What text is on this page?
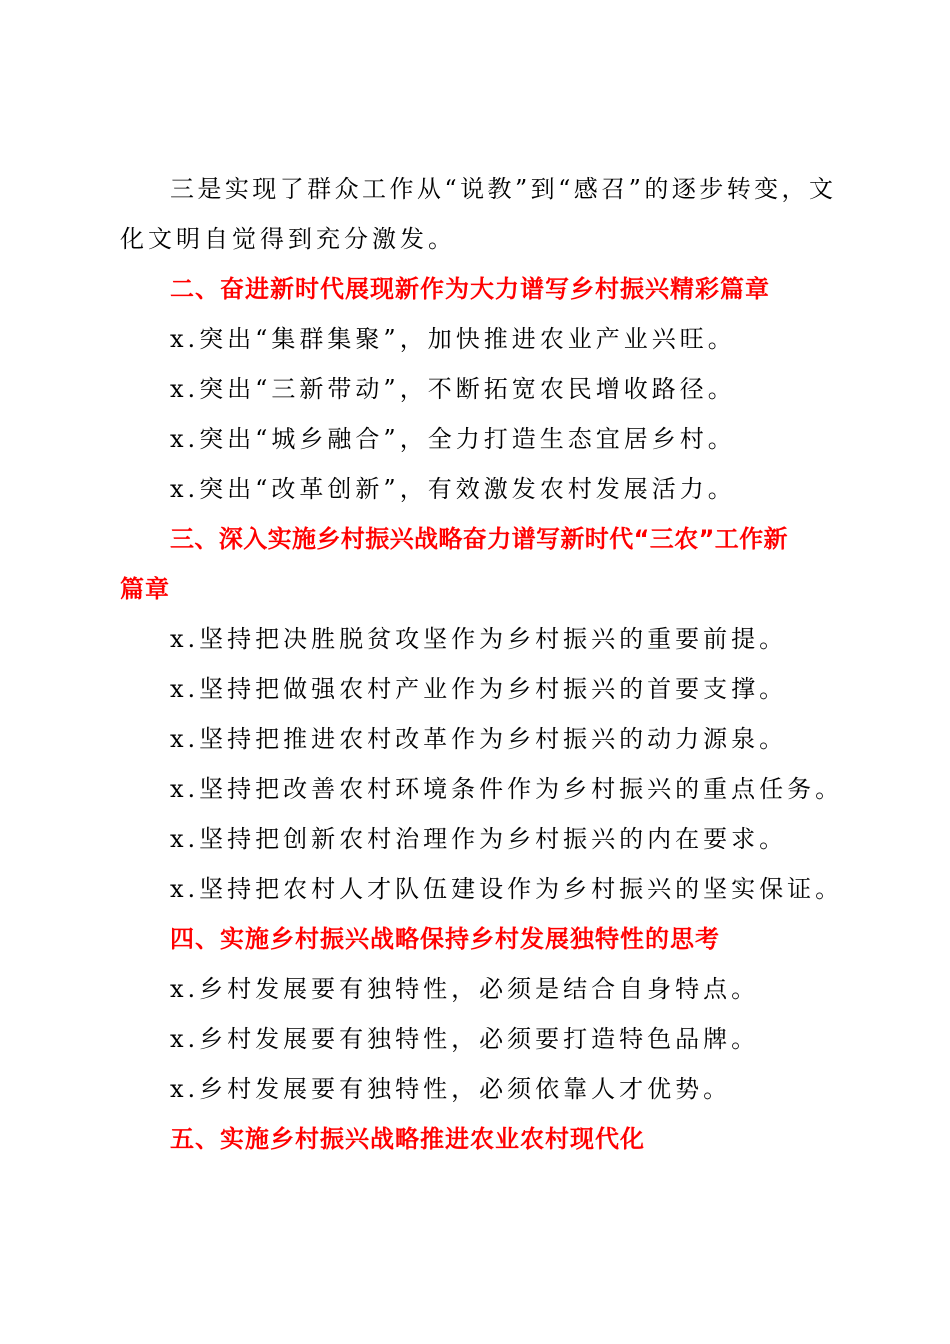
三是实现了群众工作从“说教”到“感召”的逐步转变，文
化文明自觉得到充分激发。
二、奋进新时代展现新作为大力谱写乡村振兴精彩篇章
x.突出“集群集聚”，加快推进农业产业兴旺。
x.突出“三新带动”，不断拓宽农民增收路径。
x.突出“城乡融合”，全力打造生态宜居乡村。
x.突出“改革创新”，有效激发农村发展活力。
三、深入实施乡村振兴战略奋力谱写新时代“三农”工作新
篇章
x.坚持把决胜脱贫攻坚作为乡村振兴的重要前提。
x.坚持把做强农村产业作为乡村振兴的首要支撑。
x.坚持把推进农村改革作为乡村振兴的动力源泉。
x.坚持把改善农村环境条件作为乡村振兴的重点任务。
x.坚持把创新农村治理作为乡村振兴的内在要求。
x.坚持把农村人才队伍建设作为乡村振兴的坚实保证。
四、实施乡村振兴战略保持乡村发展独特性的思考
x.乡村发展要有独特性，必须是结合自身特点。
x.乡村发展要有独特性，必须要打造特色品牌。
x.乡村发展要有独特性，必须依靠人才优势。
五、实施乡村振兴战略推进农业农村现代化
